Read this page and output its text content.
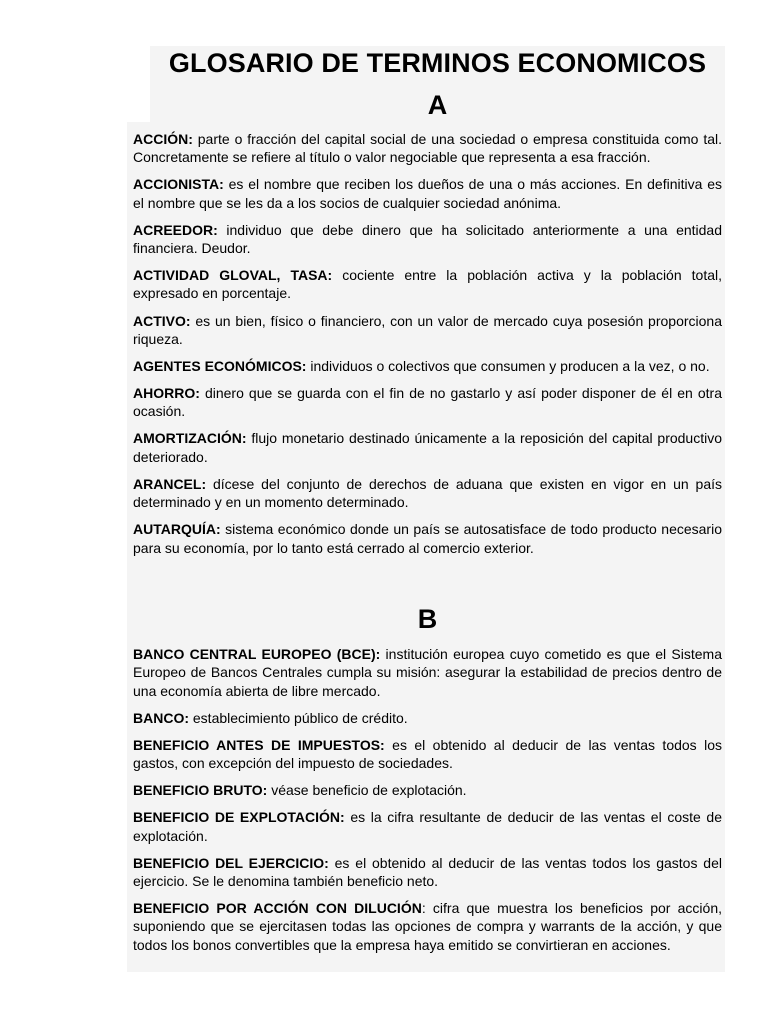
GLOSARIO DE TERMINOS ECONOMICOS
A

ACCIÓN: parte o fracción del capital social de una sociedad o empresa constituida como tal. Concretamente se refiere al título o valor negociable que representa a esa fracción.

ACCIONISTA: es el nombre que reciben los dueños de una o más acciones. En definitiva es el nombre que se les da a los socios de cualquier sociedad anónima.

ACREEDOR: individuo que debe dinero que ha solicitado anteriormente a una entidad financiera. Deudor.

ACTIVIDAD GLOVAL, TASA: cociente entre la población activa y la población total, expresado en porcentaje.

ACTIVO: es un bien, físico o financiero, con un valor de mercado cuya posesión proporciona riqueza.

AGENTES ECONÓMICOS: individuos o colectivos que consumen y producen a la vez, o no.

AHORRO: dinero que se guarda con el fin de no gastarlo y así poder disponer de él en otra ocasión.

AMORTIZACIÓN: flujo monetario destinado únicamente a la reposición del capital productivo deteriorado.

ARANCEL: dícese del conjunto de derechos de aduana que existen en vigor en un país determinado y en un momento determinado.

AUTARQUÍA: sistema económico donde un país se autosatisface de todo producto necesario para su economía, por lo tanto está cerrado al comercio exterior.

B

BANCO CENTRAL EUROPEO (BCE): institución europea cuyo cometido es que el Sistema Europeo de Bancos Centrales cumpla su misión: asegurar la estabilidad de precios dentro de una economía abierta de libre mercado.

BANCO: establecimiento público de crédito.

BENEFICIO ANTES DE IMPUESTOS: es el obtenido al deducir de las ventas todos los gastos, con excepción del impuesto de sociedades.

BENEFICIO BRUTO: véase beneficio de explotación.

BENEFICIO DE EXPLOTACIÓN: es la cifra resultante de deducir de las ventas el coste de explotación.

BENEFICIO DEL EJERCICIO: es el obtenido al deducir de las ventas todos los gastos del ejercicio. Se le denomina también beneficio neto.

BENEFICIO POR ACCIÓN CON DILUCIÓN: cifra que muestra los beneficios por acción, suponiendo que se ejercitasen todas las opciones de compra y warrants de la acción, y que todos los bonos convertibles que la empresa haya emitido se convirtieran en acciones.
